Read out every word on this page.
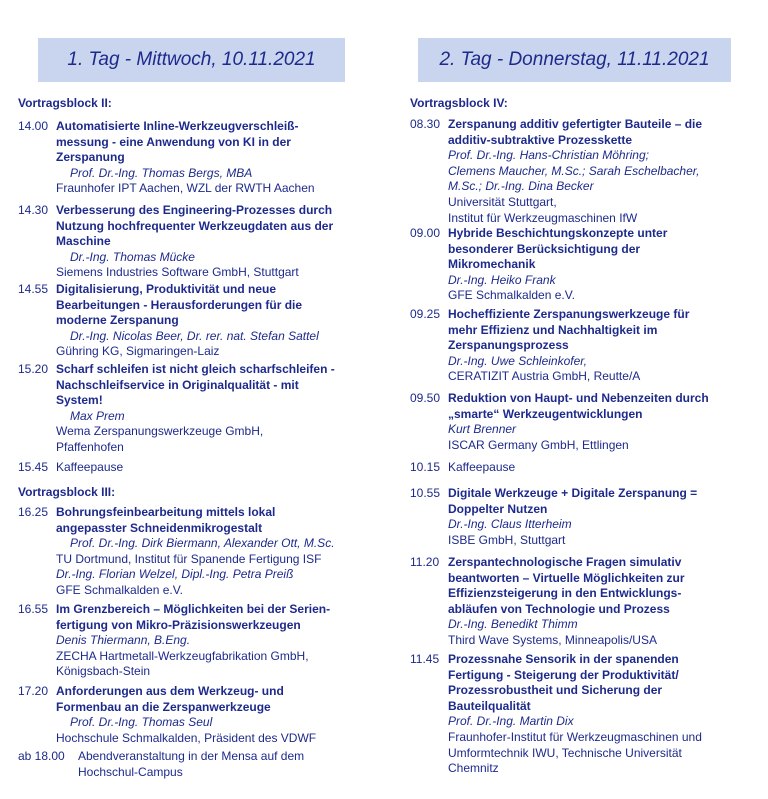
1. Tag - Mittwoch, 10.11.2021	2. Tag - Donnerstag, 11.11.2021
Vortragsblock II:
14.00 Automatisierte Inline-Werkzeugverschleiß-
messung - eine Anwendung von KI in der
Zerspanung
Prof. Dr.-Ing. Thomas Bergs, MBA
Fraunhofer IPT Aachen, WZL der RWTH Aachen
14.30 Verbesserung des Engineering-Prozesses durch
Nutzung hochfrequenter Werkzeugdaten aus der
Maschine
Dr.-Ing. Thomas Mücke
Siemens Industries Software GmbH, Stuttgart
14.55 Digitalisierung, Produktivität und neue
Bearbeitungen - Herausforderungen für die
moderne Zerspanung
Dr.-Ing. Nicolas Beer, Dr. rer. nat. Stefan Sattel
Gühring KG, Sigmaringen-Laiz
15.20 Scharf schleifen ist nicht gleich scharfschleifen -
Nachschleifservice in Originalqualität - mit
System!
Max Prem
Wema Zerspanungswerkzeuge GmbH,
Pfaffenhofen
15.45 Kaffeepause
Vortragsblock III:
16.25 Bohrungsfeinbearbeitung mittels lokal
angepasster Schneidenmikrogestalt
Prof. Dr.-Ing. Dirk Biermann, Alexander Ott, M.Sc.
TU Dortmund, Institut für Spanende Fertigung ISF
Dr.-Ing. Florian Welzel, Dipl.-Ing. Petra Preiß
GFE Schmalkalden e.V.
16.55 Im Grenzbereich – Möglichkeiten bei der Serien-
fertigung von Mikro-Präzisionswerkzeugen
Denis Thiermann, B.Eng.
ZECHA Hartmetall-Werkzeugfabrikation GmbH,
Königsbach-Stein
17.20 Anforderungen aus dem Werkzeug- und
Formenbau an die Zerspanwerkzeuge
Prof. Dr.-Ing. Thomas Seul
Hochschule Schmalkalden, Präsident des VDWF
ab 18.00 Abendveranstaltung in der Mensa auf dem
Hochschul-Campus
Vortragsblock IV:
08.30 Zerspanung additiv gefertigter Bauteile – die
additiv-subtraktive Prozesskette
Prof. Dr.-Ing. Hans-Christian Möhring;
Clemens Maucher, M.Sc.; Sarah Eschelbacher,
M.Sc.; Dr.-Ing. Dina Becker
Universität Stuttgart,
Institut für Werkzeugmaschinen IfW
09.00 Hybride Beschichtungskonzepte unter
besonderer Berücksichtigung der
Mikromechanik
Dr.-Ing. Heiko Frank
GFE Schmalkalden e.V.
09.25 Hocheffiziente Zerspanungswerkzeuge für
mehr Effizienz und Nachhaltigkeit im
Zerspanungsprozess
Dr.-Ing. Uwe Schleinkofer,
CERATIZIT Austria GmbH, Reutte/A
09.50 Reduktion von Haupt- und Nebenzeiten durch
„smarte“ Werkzeugentwicklungen
Kurt Brenner
ISCAR Germany GmbH, Ettlingen
10.15 Kaffeepause
10.55 Digitale Werkzeuge + Digitale Zerspanung =
Doppelter Nutzen
Dr.-Ing. Claus Itterheim
ISBE GmbH, Stuttgart
11.20 Zerspantechnologische Fragen simulativ
beantworten – Virtuelle Möglichkeiten zur
Effizienzsteigerung in den Entwicklungs-
abläufen von Technologie und Prozess
Dr.-Ing. Benedikt Thimm
Third Wave Systems, Minneapolis/USA
11.45 Prozessnahe Sensorik in der spanenden
Fertigung - Steigerung der Produktivität/
Prozessrobustheit und Sicherung der
Bauteilqualität
Prof. Dr.-Ing. Martin Dix
Fraunhofer-Institut für Werkzeugmaschinen und
Umformtechnik IWU, Technische Universität
Chemnitz
